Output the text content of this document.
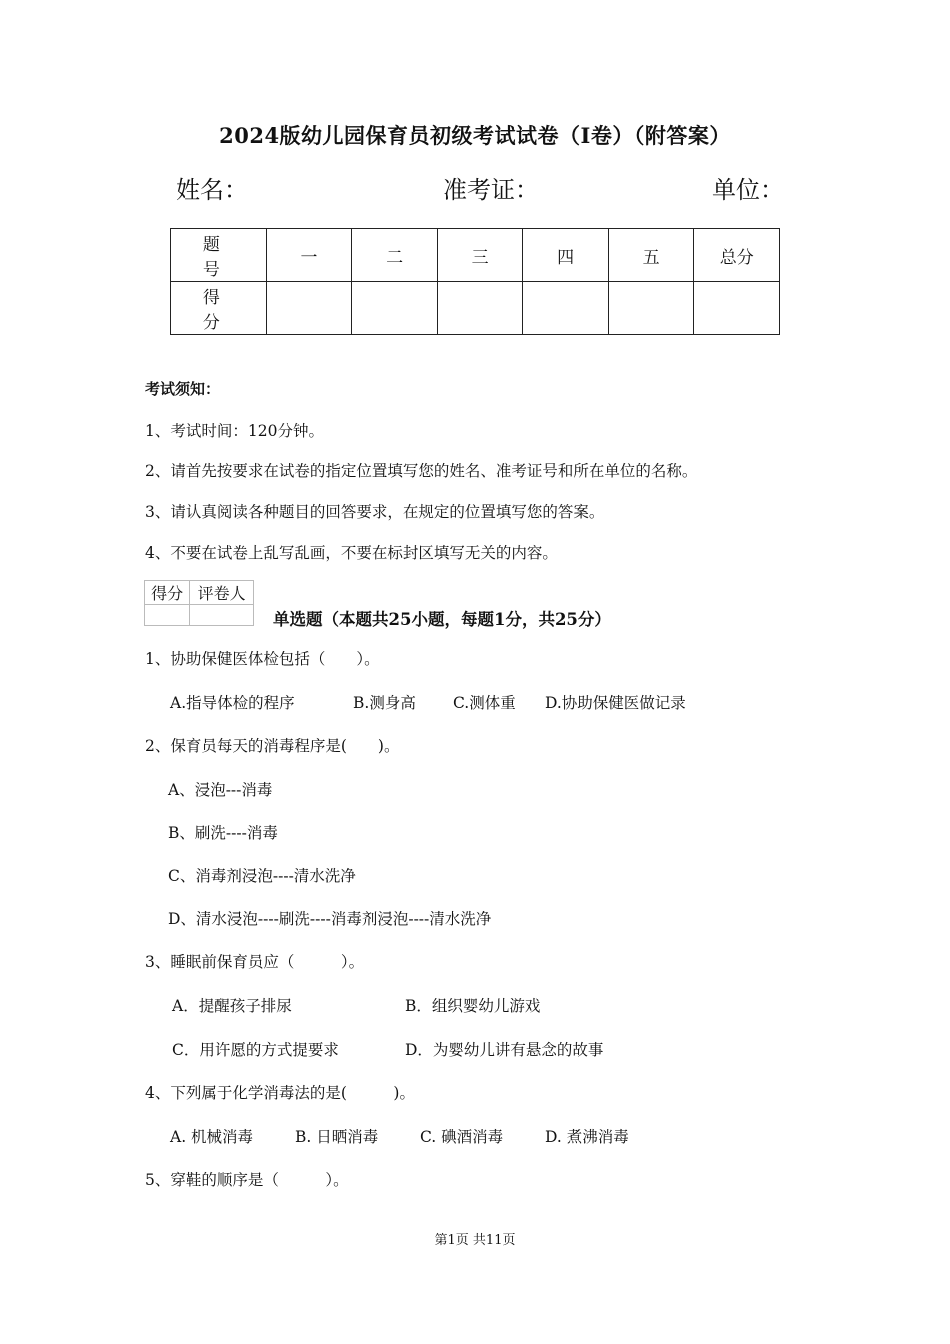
2024版幼儿园保育员初级考试试卷（I卷）（附答案）
姓名：	准考证：	单位：
题　号	一	二	三	四	五	总分
得　分						
考试须知：
1、考试时间：120分钟。
2、请首先按要求在试卷的指定位置填写您的姓名、准考证号和所在单位的名称。
3、请认真阅读各种题目的回答要求，在规定的位置填写您的答案。
4、不要在试卷上乱写乱画，不要在标封区填写无关的内容。
得分	评卷人

单选题（本题共25小题，每题1分，共25分）
1、协助保健医体检包括（　　）。
A.指导体检的程序	B.测身高 C.测体重 D.协助保健医做记录
2、保育员每天的消毒程序是(　　)。
A、浸泡---消毒
B、刷洗----消毒
C、消毒剂浸泡----清水洗净
D、清水浸泡----刷洗----消毒剂浸泡----清水洗净
3、睡眠前保育员应（　　　）。
A．提醒孩子排尿	B．组织婴幼儿游戏
C．用许愿的方式提要求	D．为婴幼儿讲有悬念的故事
4、下列属于化学消毒法的是(　　　)。
A. 机械消毒	B. 日晒消毒	C. 碘酒消毒	D. 煮沸消毒
5、穿鞋的顺序是（　　　）。
第1页 共11页
